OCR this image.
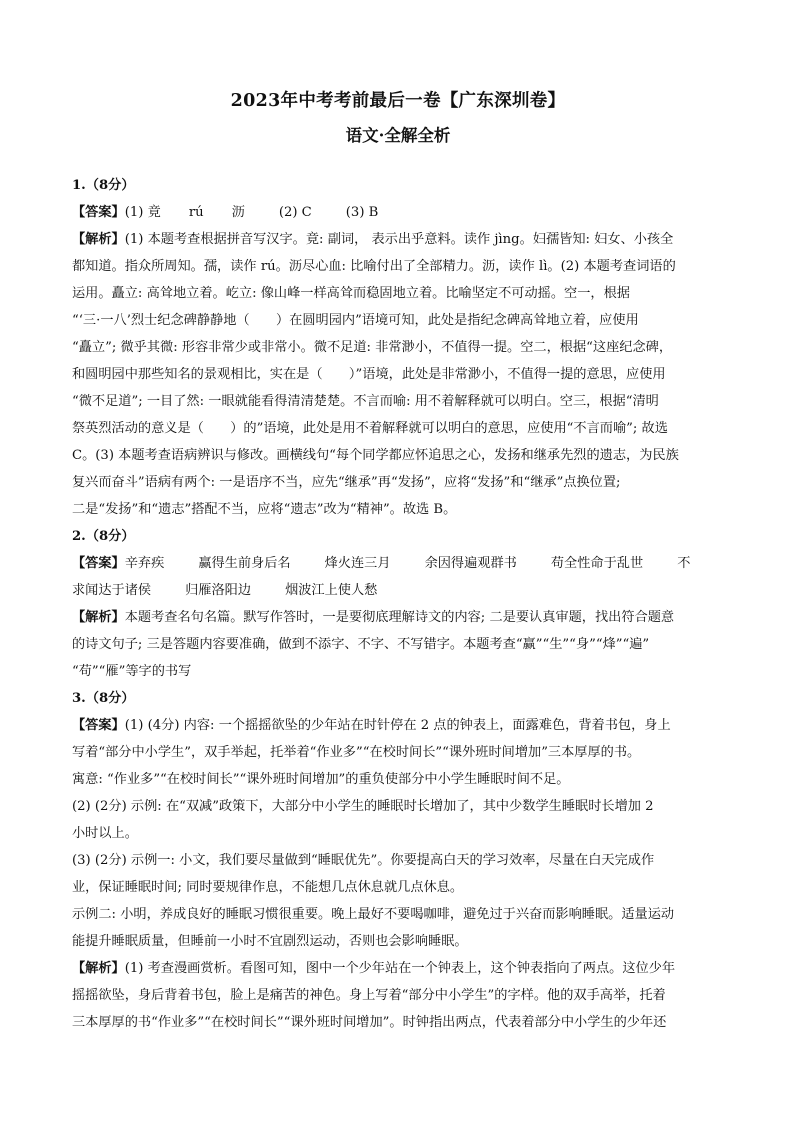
2023年中考考前最后一卷【广东深圳卷】
语文·全解全析
1.（8分）
【答案】(1) 竟 rú 沥	(2) C	(3) B
【解析】(1) 本题考查根据拼音写汉字。竟: 副词， 表示出乎意料。读作 jìng。妇孺皆知: 妇女、小孩全
都知道。指众所周知。孺，读作 rú。沥尽心血: 比喻付出了全部精力。沥，读作 lì。(2) 本题考查词语的
运用。矗立: 高耸地立着。屹立: 像山峰一样高耸而稳固地立着。比喻坚定不可动摇。空一，根据
“‘三·一八’烈士纪念碑静静地（　　）在圆明园内”语境可知，此处是指纪念碑高耸地立着，应使用
“矗立”; 微乎其微: 形容非常少或非常小。微不足道: 非常渺小，不值得一提。空二，根据“这座纪念碑，
和圆明园中那些知名的景观相比，实在是（　　）”语境，此处是非常渺小，不值得一提的意思，应使用
“微不足道”; 一目了然: 一眼就能看得清清楚楚。不言而喻: 用不着解释就可以明白。空三，根据“清明
祭英烈活动的意义是（　　）的”语境，此处是用不着解释就可以明白的意思，应使用“不言而喻”; 故选
C。(3) 本题考查语病辨识与修改。画横线句“每个同学都应怀追思之心，发扬和继承先烈的遗志，为民族
复兴而奋斗”语病有两个: 一是语序不当，应先“继承”再“发扬”，应将“发扬”和“继承”点换位置;
二是“发扬”和“遗志”搭配不当，应将“遗志”改为“精神”。故选 B。
2.（8分）
【答案】辛弃疾	赢得生前身后名	烽火连三月	余因得遍观群书	苟全性命于乱世	不
求闻达于诸侯	归雁洛阳边	烟波江上使人愁
【解析】本题考查名句名篇。默写作答时，一是要彻底理解诗文的内容; 二是要认真审题，找出符合题意
的诗文句子; 三是答题内容要准确，做到不添字、不字、不写错字。本题考查“赢”“生”“身”“烽”“遍”
“苟”“雁”等字的书写
3.（8分）
【答案】(1) (4分) 内容: 一个摇摇欲坠的少年站在时针停在 2 点的钟表上，面露难色，背着书包，身上
写着“部分中小学生”，双手举起，托举着“作业多”“在校时间长”“课外班时间增加”三本厚厚的书。
寓意: “作业多”“在校时间长”“课外班时间增加”的重负使部分中小学生睡眠时间不足。
(2) (2分) 示例: 在“双减”政策下，大部分中小学生的睡眠时长增加了，其中少数学生睡眠时长增加 2
小时以上。
(3) (2分) 示例一: 小文，我们要尽量做到“睡眠优先”。你要提高白天的学习效率，尽量在白天完成作
业，保证睡眠时间; 同时要规律作息，不能想几点休息就几点休息。
示例二: 小明，养成良好的睡眠习惯很重要。晚上最好不要喝咖啡，避免过于兴奋而影响睡眠。适量运动
能提升睡眠质量，但睡前一小时不宜剧烈运动，否则也会影响睡眠。
【解析】(1) 考查漫画赏析。看图可知，图中一个少年站在一个钟表上，这个钟表指向了两点。这位少年
摇摇欲坠，身后背着书包，脸上是痛苦的神色。身上写着“部分中小学生”的字样。他的双手高举，托着
三本厚厚的书“作业多”“在校时间长”“课外班时间增加”。时钟指出两点，代表着部分中小学生的少年还
